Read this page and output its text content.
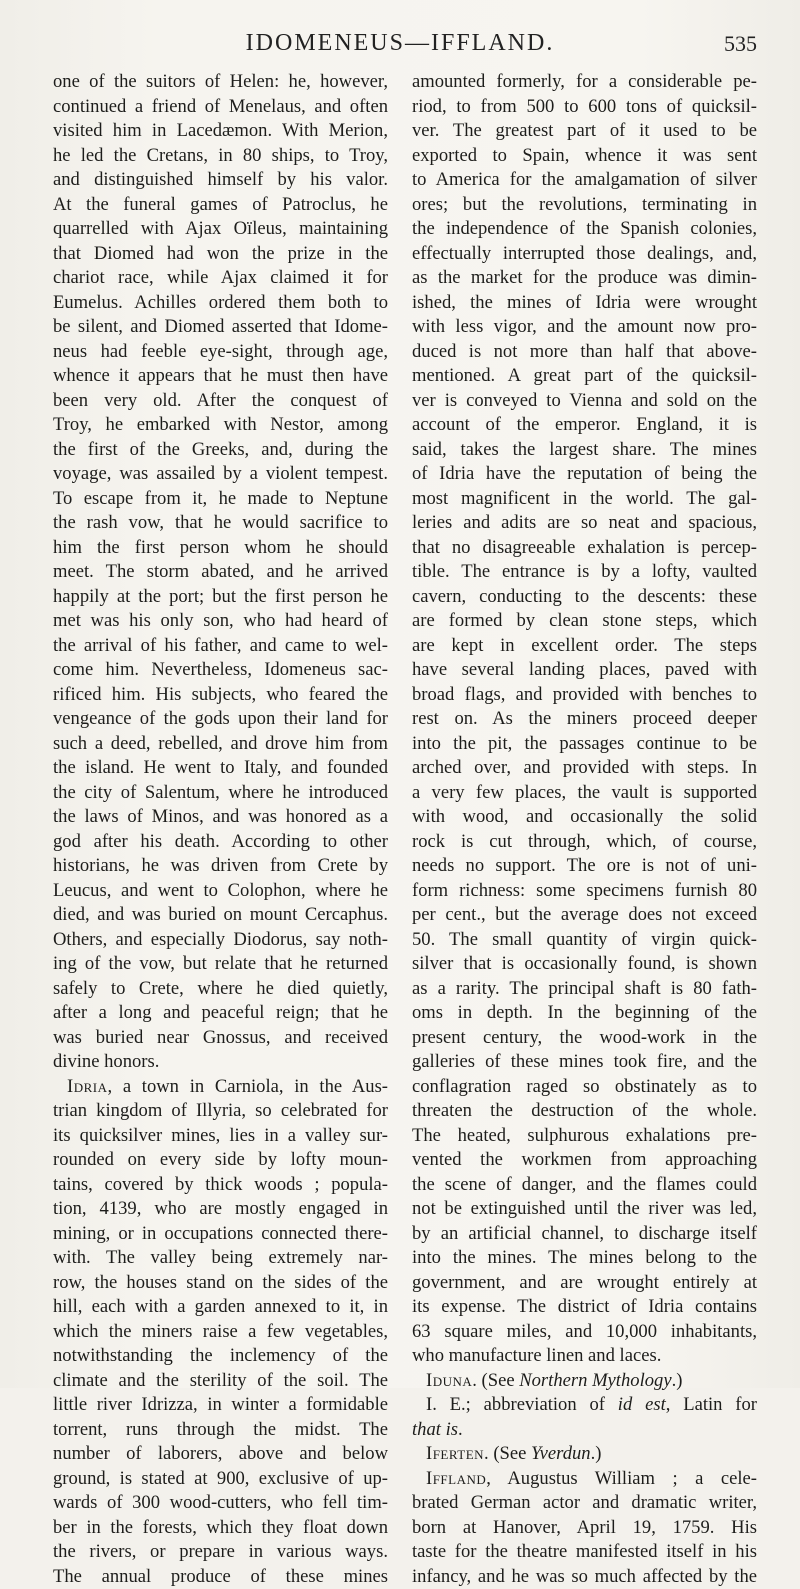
IDOMENEUS—IFFLAND.	535
one of the suitors of Helen: he, however,
continued a friend of Menelaus, and often
visited him in Lacedæmon. With Merion,
he led the Cretans, in 80 ships, to Troy,
and distinguished himself by his valor.
At the funeral games of Patroclus, he
quarrelled with Ajax Oïleus, maintaining
that Diomed had won the prize in the
chariot race, while Ajax claimed it for
Eumelus. Achilles ordered them both to
be silent, and Diomed asserted that Idome-
neus had feeble eye-sight, through age,
whence it appears that he must then have
been very old. After the conquest of
Troy, he embarked with Nestor, among
the first of the Greeks, and, during the
voyage, was assailed by a violent tempest.
To escape from it, he made to Neptune
the rash vow, that he would sacrifice to
him the first person whom he should
meet. The storm abated, and he arrived
happily at the port; but the first person he
met was his only son, who had heard of
the arrival of his father, and came to wel-
come him. Nevertheless, Idomeneus sac-
rificed him. His subjects, who feared the
vengeance of the gods upon their land for
such a deed, rebelled, and drove him from
the island. He went to Italy, and founded
the city of Salentum, where he introduced
the laws of Minos, and was honored as a
god after his death. According to other
historians, he was driven from Crete by
Leucus, and went to Colophon, where he
died, and was buried on mount Cercaphus.
Others, and especially Diodorus, say noth-
ing of the vow, but relate that he returned
safely to Crete, where he died quietly,
after a long and peaceful reign; that he
was buried near Gnossus, and received
divine honors.
Idria, a town in Carniola, in the Aus-
trian kingdom of Illyria, so celebrated for
its quicksilver mines, lies in a valley sur-
rounded on every side by lofty moun-
tains, covered by thick woods ; popula-
tion, 4139, who are mostly engaged in
mining, or in occupations connected there-
with. The valley being extremely nar-
row, the houses stand on the sides of the
hill, each with a garden annexed to it, in
which the miners raise a few vegetables,
notwithstanding the inclemency of the
climate and the sterility of the soil. The
little river Idrizza, in winter a formidable
torrent, runs through the midst. The
number of laborers, above and below
ground, is stated at 900, exclusive of up-
wards of 300 wood-cutters, who fell tim-
ber in the forests, which they float down
the rivers, or prepare in various ways.
The annual produce of these mines
amounted formerly, for a considerable pe-
riod, to from 500 to 600 tons of quicksil-
ver. The greatest part of it used to be
exported to Spain, whence it was sent
to America for the amalgamation of silver
ores; but the revolutions, terminating in
the independence of the Spanish colonies,
effectually interrupted those dealings, and,
as the market for the produce was dimin-
ished, the mines of Idria were wrought
with less vigor, and the amount now pro-
duced is not more than half that above-
mentioned. A great part of the quicksil-
ver is conveyed to Vienna and sold on the
account of the emperor. England, it is
said, takes the largest share. The mines
of Idria have the reputation of being the
most magnificent in the world. The gal-
leries and adits are so neat and spacious,
that no disagreeable exhalation is percep-
tible. The entrance is by a lofty, vaulted
cavern, conducting to the descents: these
are formed by clean stone steps, which
are kept in excellent order. The steps
have several landing places, paved with
broad flags, and provided with benches to
rest on. As the miners proceed deeper
into the pit, the passages continue to be
arched over, and provided with steps. In
a very few places, the vault is supported
with wood, and occasionally the solid
rock is cut through, which, of course,
needs no support. The ore is not of uni-
form richness: some specimens furnish 80
per cent., but the average does not exceed
50. The small quantity of virgin quick-
silver that is occasionally found, is shown
as a rarity. The principal shaft is 80 fath-
oms in depth. In the beginning of the
present century, the wood-work in the
galleries of these mines took fire, and the
conflagration raged so obstinately as to
threaten the destruction of the whole.
The heated, sulphurous exhalations pre-
vented the workmen from approaching
the scene of danger, and the flames could
not be extinguished until the river was led,
by an artificial channel, to discharge itself
into the mines. The mines belong to the
government, and are wrought entirely at
its expense. The district of Idria contains
63 square miles, and 10,000 inhabitants,
who manufacture linen and laces.
Iduna. (See Northern Mythology.)
I. E.; abbreviation of id est, Latin for
that is.
Iferten. (See Yverdun.)
Iffland, Augustus William ; a cele-
brated German actor and dramatic writer,
born at Hanover, April 19, 1759. His
taste for the theatre manifested itself in his
infancy, and he was so much affected by the
